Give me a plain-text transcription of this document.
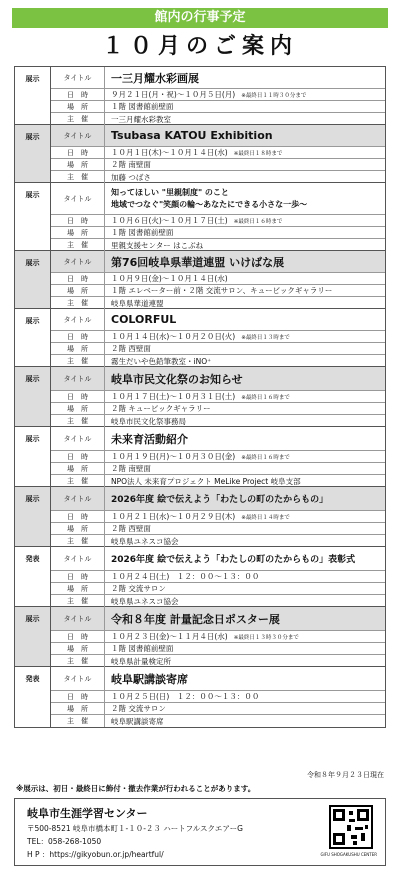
館内の行事予定
１０月のご案内
展示	タイトル	一三月耀水彩画展
日　時	９月２１日(月・祝)～１０月５日(月) ※最終日１１時３０分まで
場　所	１階 図書館前壁面
主　催	一三月耀水彩教室
展示	タイトル	Tsubasa KATOU Exhibition
日　時	１０月１日(木)～１０月１４日(水) ※最終日１８時まで
場　所	２階 南壁面
主　催	加藤 つばさ
展示	タイトル
知ってほしい "里親制度" のこと
地域でつなぐ"笑顔の輪～あなたにできる小さな一歩～
日　時	１０月６日(火)～１０月１７日(土) ※最終日１６時まで
場　所	１階 図書館前壁面
主　催	里親支援センター はこぶね
展示	タイトル	第76回岐阜県華道連盟 いけばな展
日　時	１０月９日(金)～１０月１４日(水)
場　所	１階 エレベーター前・２階 交流サロン、キュービックギャラリー
主　催	岐阜県華道連盟
展示	タイトル	COLORFUL
日　時	１０月１４日(水)～１０月２０日(火) ※最終日１３時まで
場　所	２階 西壁面
主　催	霧生だいや色鉛筆教室・iNO⁺
展示	タイトル	岐阜市民文化祭のお知らせ
日　時	１０月１７日(土)～１０月３１日(土) ※最終日１６時まで
場　所	２階 キュービックギャラリー
主　催	岐阜市民文化祭事務局
展示	タイトル	未来育活動紹介
日　時	１０月１９日(月)～１０月３０日(金) ※最終日１６時まで
場　所	２階 南壁面
主　催	NPO法人 未来育プロジェクト MeLike Project 岐阜支部
展示	タイトル	2026年度 絵で伝えよう「わたしの町のたからもの」
日　時	１０月２１日(水)～１０月２９日(木) ※最終日１４時まで
場　所	２階 西壁面
主　催	岐阜県ユネスコ協会
発表	タイトル	2026年度 絵で伝えよう「わたしの町のたからもの」表彰式
日　時	１０月２４日(土)　１２：００～１３：００
場　所	２階 交流サロン
主　催	岐阜県ユネスコ協会
展示	タイトル	令和８年度 計量記念日ポスター展
日　時	１０月２３日(金)～１１月４日(水) ※最終日１３時３０分まで
場　所	１階 図書館前壁面
主　催	岐阜県計量検定所
発表	タイトル	岐阜駅講談寄席
日　時	１０月２５日(日)　１２：００～１３：００
場　所	２階 交流サロン
主　催	岐阜駅講談寄席
令和８年９月２３日現在
※展示は、初日・最終日に飾付・撤去作業が行われることがあります。
岐阜市生涯学習センター
〒500-8521 岐阜市橋本町１-１０-２３ ハートフルスクエアーG
TEL：058-268-1050
H P ：https://gikyobun.or.jp/heartful/	GIFU SHOGAKUSHU CENTER
